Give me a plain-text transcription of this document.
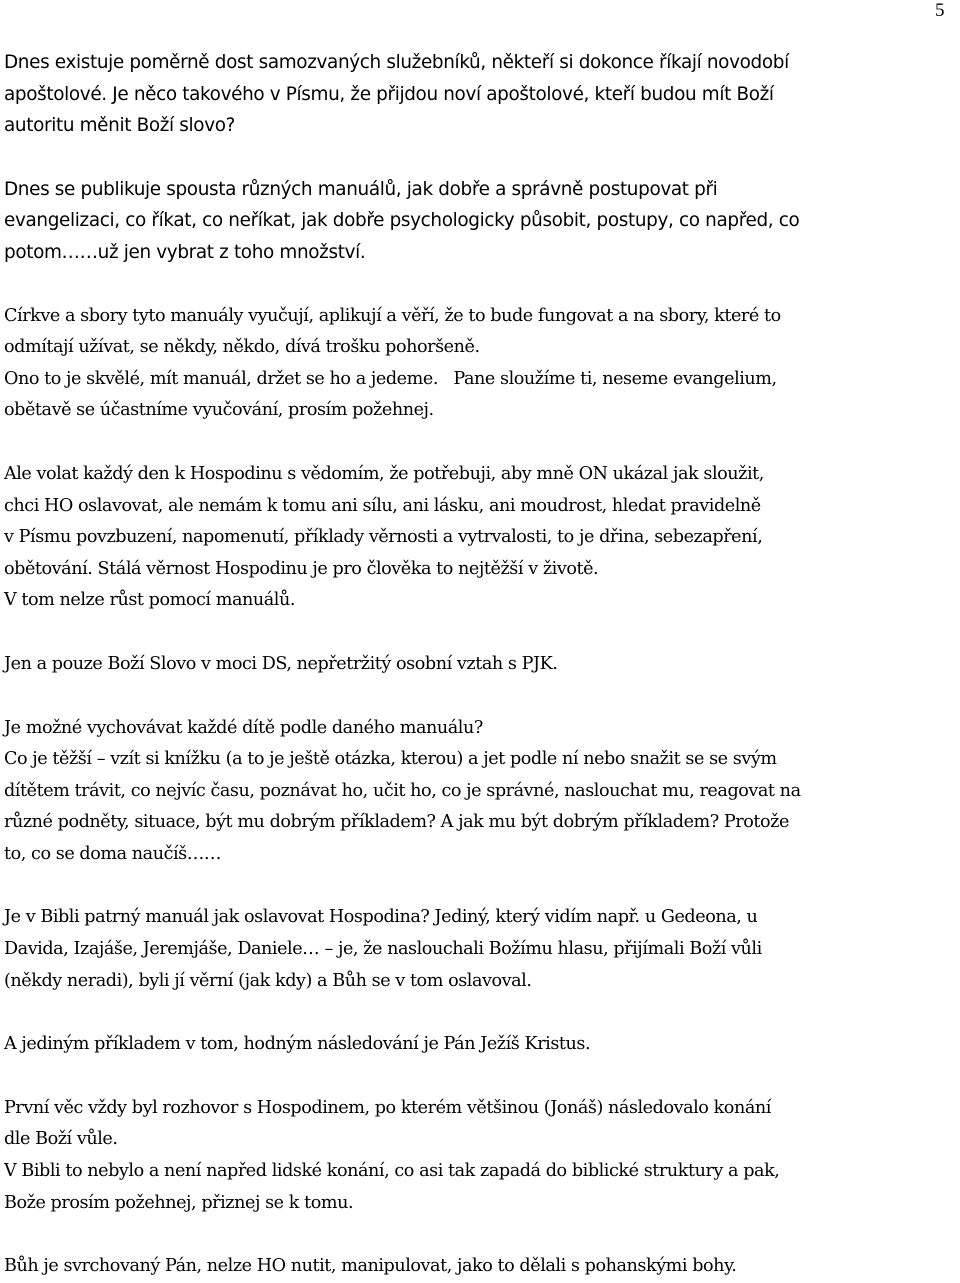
5

Dnes existuje poměrně dost samozvaných služebníků, někteří si dokonce říkají novodobí
apoštolové. Je něco takového v Písmu, že přijdou noví apoštolové, kteří budou mít Boží
autoritu měnit Boží slovo?

Dnes se publikuje spousta různých manuálů, jak dobře a správně postupovat při
evangelizaci, co říkat, co neříkat, jak dobře psychologicky působit, postupy, co napřed, co
potom……už jen vybrat z toho množství.

Církve a sbory tyto manuály vyučují, aplikují a věří, že to bude fungovat a na sbory, které to
odmítají užívat, se někdy, někdo, dívá trošku pohoršeně.
Ono to je skvělé, mít manuál, držet se ho a jedeme.   Pane sloužíme ti, neseme evangelium,
obětavě se účastníme vyučování, prosím požehnej.

Ale volat každý den k Hospodinu s vědomím, že potřebuji, aby mně ON ukázal jak sloužit,
chci HO oslavovat, ale nemám k tomu ani sílu, ani lásku, ani moudrost, hledat pravidelně
v Písmu povzbuzení, napomenutí, příklady věrnosti a vytrvalosti, to je dřina, sebezapření,
obětování. Stálá věrnost Hospodinu je pro člověka to nejtěžší v životě.
V tom nelze růst pomocí manuálů.

Jen a pouze Boží Slovo v moci DS, nepřetržitý osobní vztah s PJK.

Je možné vychovávat každé dítě podle daného manuálu?
Co je těžší – vzít si knížku (a to je ještě otázka, kterou) a jet podle ní nebo snažit se se svým
dítětem trávit, co nejvíc času, poznávat ho, učit ho, co je správné, naslouchat mu, reagovat na
různé podněty, situace, být mu dobrým příkladem? A jak mu být dobrým příkladem? Protože
to, co se doma naučíš……

Je v Bibli patrný manuál jak oslavovat Hospodina? Jediný, který vidím např. u Gedeona, u
Davida, Izajáše, Jeremjáše, Daniele… – je, že naslouchali Božímu hlasu, přijímali Boží vůli
(někdy neradi), byli jí věrní (jak kdy) a Bůh se v tom oslavoval.

A jediným příkladem v tom, hodným následování je Pán Ježíš Kristus.

První věc vždy byl rozhovor s Hospodinem, po kterém většinou (Jonáš) následovalo konání
dle Boží vůle.
V Bibli to nebylo a není napřed lidské konání, co asi tak zapadá do biblické struktury a pak,
Bože prosím požehnej, přiznej se k tomu.

Bůh je svrchovaný Pán, nelze HO nutit, manipulovat, jako to dělali s pohanskými bohy.
